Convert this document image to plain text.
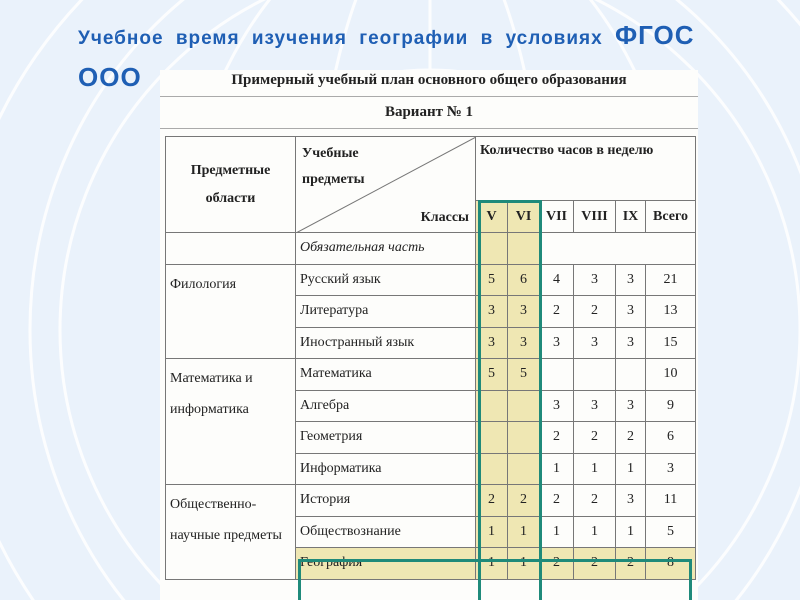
Учебное время изучения географии в условиях ФГОС
ООО	Примерный учебный план основного общего образования
Вариант № 1
Предметные области	Учебные предметы
Классы	Количество часов в неделю					
		V	VI	VII	VIII	IX	Всего
	Обязательная часть						
Филология	Русский язык	5	6	4	3	3	21
	Литература	3	3	2	2	3	13
	Иностранный язык	3	3	3	3	3	15
Математика и информатика	Математика	5	5				10
	Алгебра			3	3	3	9
	Геометрия			2	2	2	6
	Информатика			1	1	1	3
Общественно-научные предметы	История	2	2	2	2	3	11
	Обществознание	1	1	1	1	1	5
	География	1	1	2	2	2	8
